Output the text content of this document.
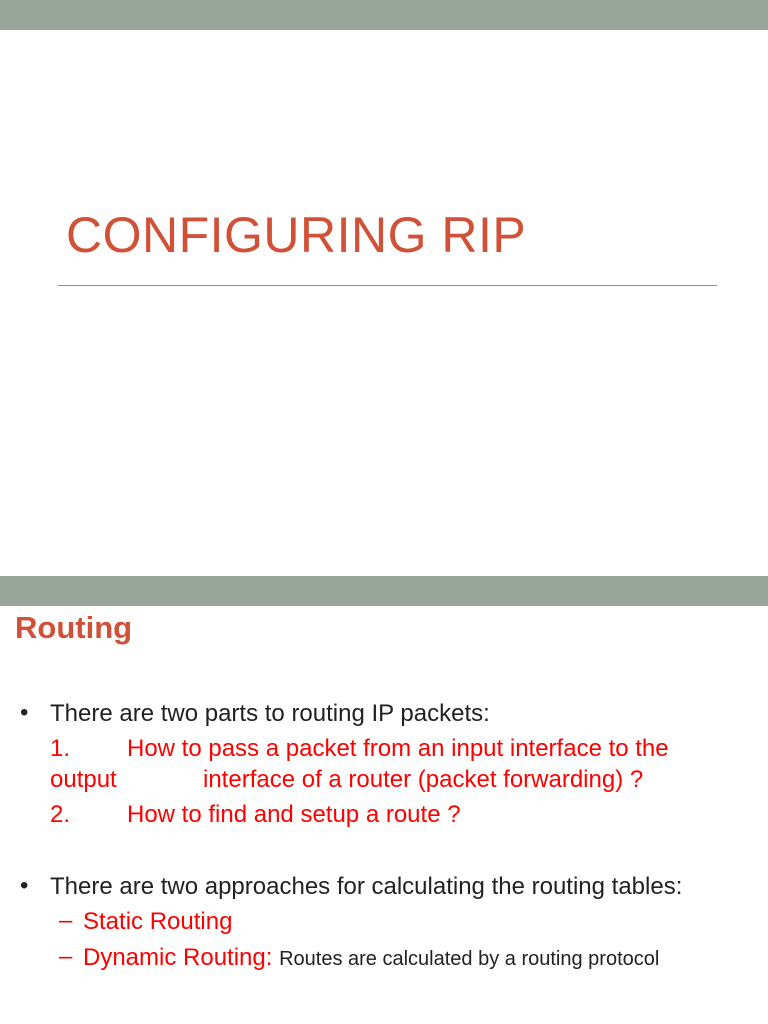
CONFIGURING RIP
Routing
• There are two parts to routing IP packets:
1. How to pass a packet from an input interface to the
output	interface of a router (packet forwarding) ?
2. How to find and setup a route ?
• There are two approaches for calculating the routing tables:
– Static Routing
– Dynamic Routing: Routes are calculated by a routing protocol
